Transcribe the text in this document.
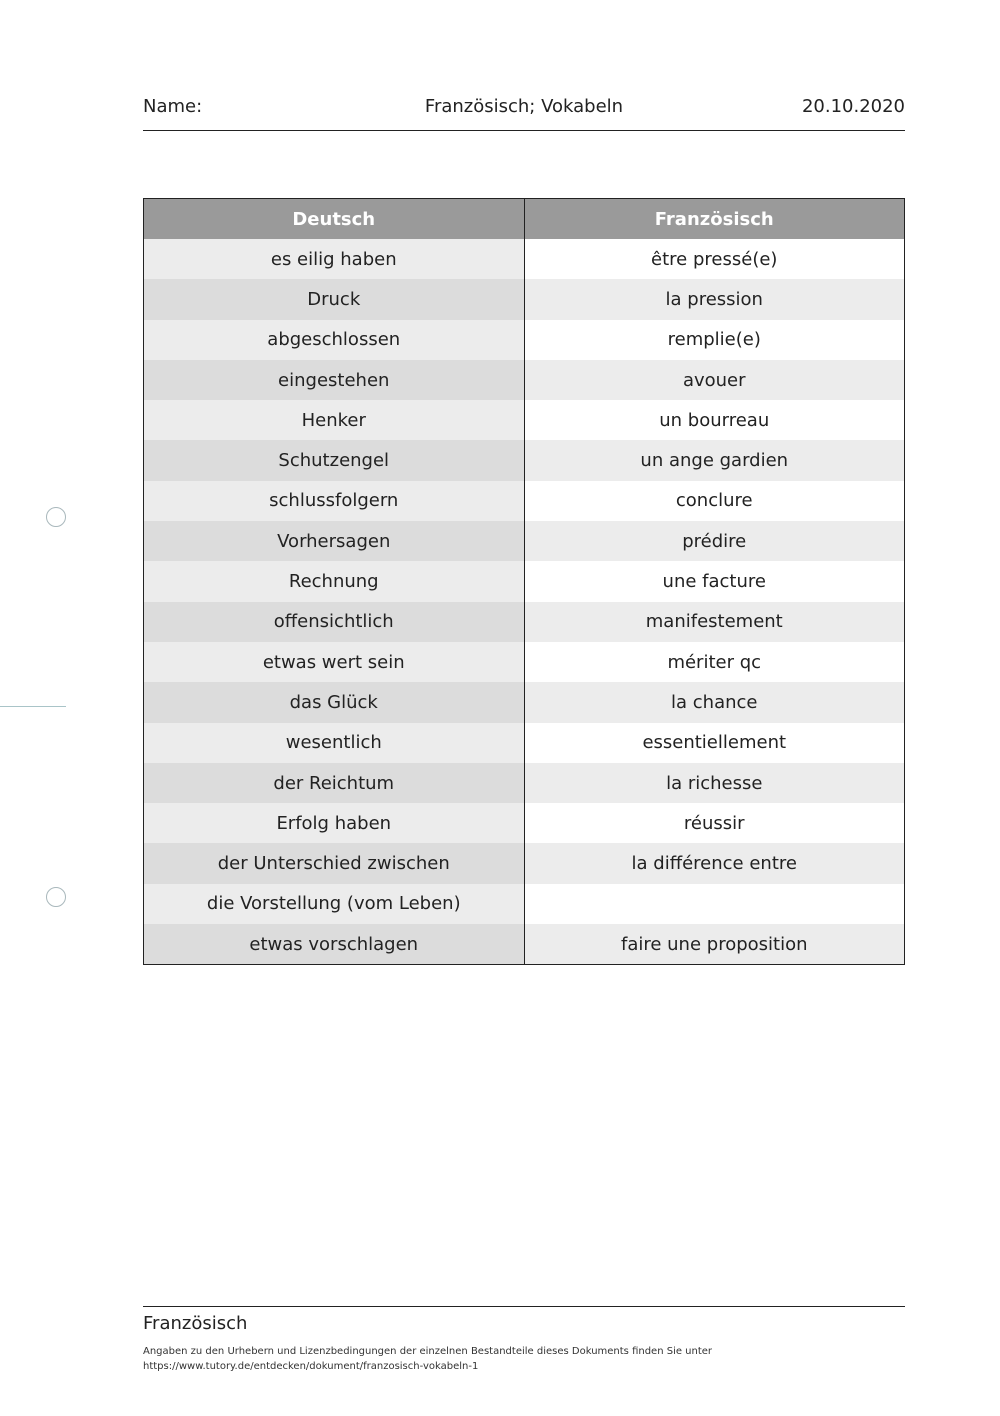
Name:	Französisch; Vokabeln	20.10.2020
Deutsch	Französisch
es eilig haben	être pressé(e)
Druck	la pression
abgeschlossen	remplie(e)
eingestehen	avouer
Henker	un bourreau
Schutzengel	un ange gardien
schlussfolgern	conclure
Vorhersagen	prédire
Rechnung	une facture
offensichtlich	manifestement
etwas wert sein	mériter qc
das Glück	la chance
wesentlich	essentiellement
der Reichtum	la richesse
Erfolg haben	réussir
der Unterschied zwischen	la différence entre
die Vorstellung (vom Leben)	
etwas vorschlagen	faire une proposition
Französisch
Angaben zu den Urhebern und Lizenzbedingungen der einzelnen Bestandteile dieses Dokuments finden Sie unter
https://www.tutory.de/entdecken/dokument/franzosisch-vokabeln-1
